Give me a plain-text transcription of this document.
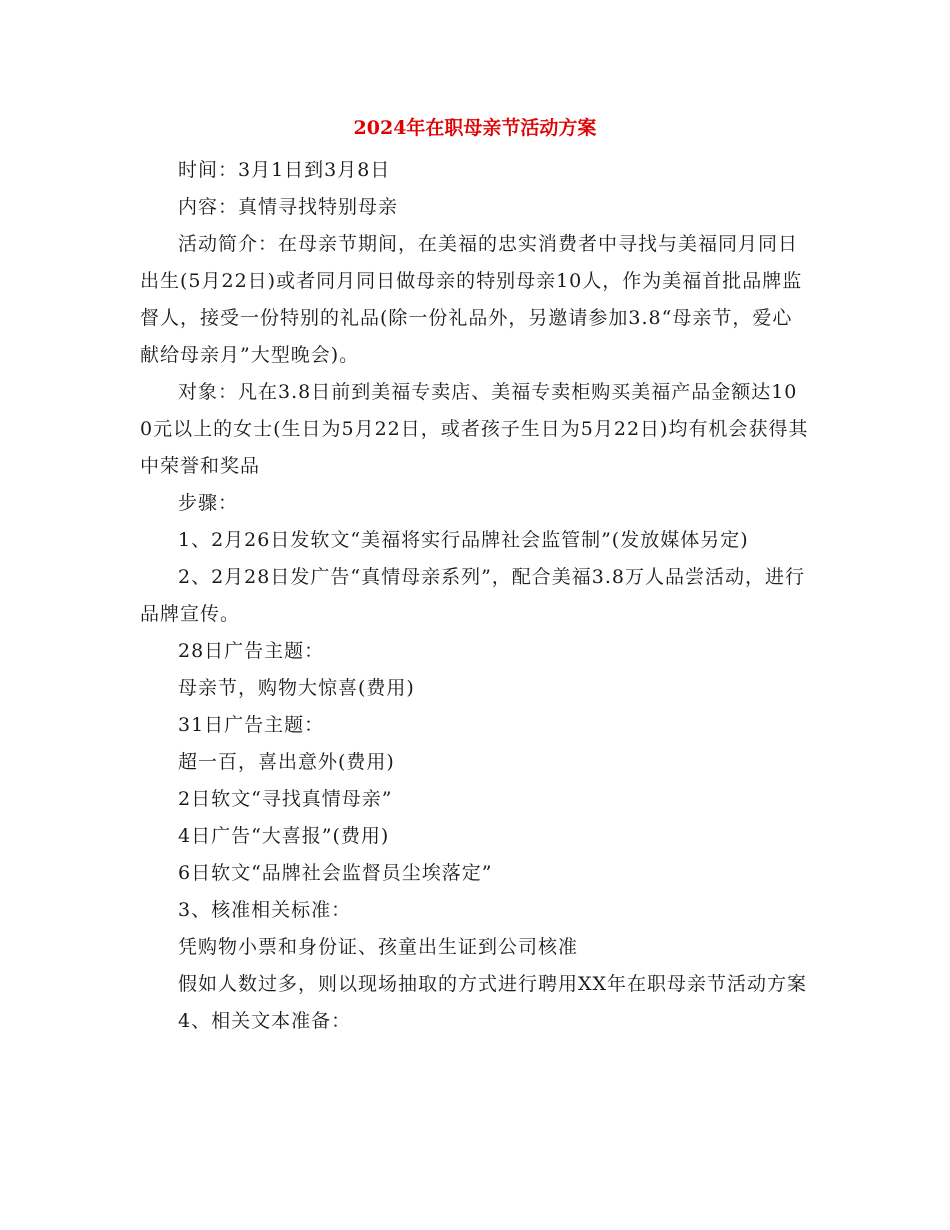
2024年在职母亲节活动方案

时间：3月1日到3月8日

内容：真情寻找特别母亲

活动简介：在母亲节期间，在美福的忠实消费者中寻找与美福同月同日出生(5月22日)或者同月同日做母亲的特别母亲10人，作为美福首批品牌监督人，接受一份特别的礼品(除一份礼品外，另邀请参加3.8“母亲节，爱心献给母亲月”大型晚会)。

对象：凡在3.8日前到美福专卖店、美福专卖柜购买美福产品金额达100元以上的女士(生日为5月22日，或者孩子生日为5月22日)均有机会获得其中荣誉和奖品

步骤：

1、2月26日发软文“美福将实行品牌社会监管制”(发放媒体另定)

2、2月28日发广告“真情母亲系列”，配合美福3.8万人品尝活动，进行品牌宣传。

28日广告主题：

母亲节，购物大惊喜(费用)

31日广告主题：

超一百，喜出意外(费用)

2日软文“寻找真情母亲”

4日广告“大喜报”(费用)

6日软文“品牌社会监督员尘埃落定”

3、核准相关标准：

凭购物小票和身份证、孩童出生证到公司核准

假如人数过多，则以现场抽取的方式进行聘用XX年在职母亲节活动方案

4、相关文本准备：
